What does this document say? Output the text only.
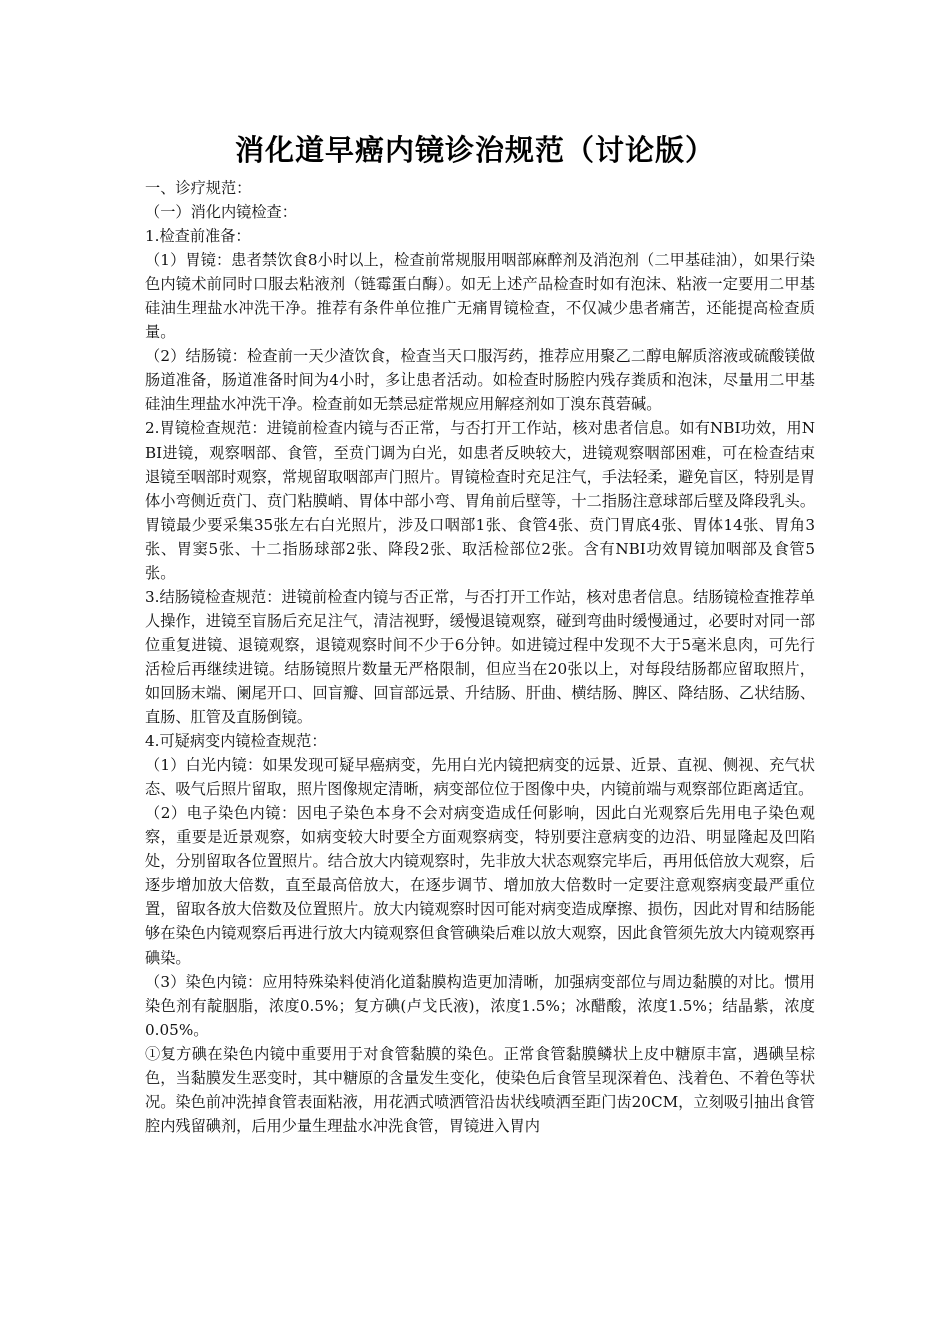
消化道早癌内镜诊治规范（讨论版）

一、诊疗规范：

（一）消化内镜检查：

1.检查前准备：

（1）胃镜：患者禁饮食8小时以上，检查前常规服用咽部麻醉剂及消泡剂（二甲基硅油），如果行染色内镜术前同时口服去粘液剂（链霉蛋白酶）。如无上述产品检查时如有泡沫、粘液一定要用二甲基硅油生理盐水冲洗干净。推荐有条件单位推广无痛胃镜检查，不仅减少患者痛苦，还能提高检查质量。

（2）结肠镜：检查前一天少渣饮食，检查当天口服泻药，推荐应用聚乙二醇电解质溶液或硫酸镁做肠道准备，肠道准备时间为4小时，多让患者活动。如检查时肠腔内残存粪质和泡沫，尽量用二甲基硅油生理盐水冲洗干净。检查前如无禁忌症常规应用解痉剂如丁溴东莨菪碱。

2.胃镜检查规范：进镜前检查内镜与否正常，与否打开工作站，核对患者信息。如有NBI功效，用NBI进镜，观察咽部、食管，至贲门调为白光，如患者反映较大，进镜观察咽部困难，可在检查结束退镜至咽部时观察，常规留取咽部声门照片。胃镜检查时充足注气，手法轻柔，避免盲区，特别是胃体小弯侧近贲门、贲门粘膜峭、胃体中部小弯、胃角前后壁等，十二指肠注意球部后壁及降段乳头。胃镜最少要采集35张左右白光照片，涉及口咽部1张、食管4张、贲门胃底4张、胃体14张、胃角3张、胃窦5张、十二指肠球部2张、降段2张、取活检部位2张。含有NBI功效胃镜加咽部及食管5张。

3.结肠镜检查规范：进镜前检查内镜与否正常，与否打开工作站，核对患者信息。结肠镜检查推荐单人操作，进镜至盲肠后充足注气，清洁视野，缓慢退镜观察，碰到弯曲时缓慢通过，必要时对同一部位重复进镜、退镜观察，退镜观察时间不少于6分钟。如进镜过程中发现不大于5毫米息肉，可先行活检后再继续进镜。结肠镜照片数量无严格限制，但应当在20张以上，对每段结肠都应留取照片，如回肠末端、阑尾开口、回盲瓣、回盲部远景、升结肠、肝曲、横结肠、脾区、降结肠、乙状结肠、直肠、肛管及直肠倒镜。

4.可疑病变内镜检查规范：

（1）白光内镜：如果发现可疑早癌病变，先用白光内镜把病变的远景、近景、直视、侧视、充气状态、吸气后照片留取，照片图像规定清晰，病变部位位于图像中央，内镜前端与观察部位距离适宜。

（2）电子染色内镜：因电子染色本身不会对病变造成任何影响，因此白光观察后先用电子染色观察，重要是近景观察，如病变较大时要全方面观察病变，特别要注意病变的边沿、明显隆起及凹陷处，分别留取各位置照片。结合放大内镜观察时，先非放大状态观察完毕后，再用低倍放大观察，后逐步增加放大倍数，直至最高倍放大，在逐步调节、增加放大倍数时一定要注意观察病变最严重位置，留取各放大倍数及位置照片。放大内镜观察时因可能对病变造成摩擦、损伤，因此对胃和结肠能够在染色内镜观察后再进行放大内镜观察但食管碘染后难以放大观察，因此食管须先放大内镜观察再碘染。

（3）染色内镜：应用特殊染料使消化道黏膜构造更加清晰，加强病变部位与周边黏膜的对比。惯用染色剂有靛胭脂，浓度0.5%；复方碘(卢戈氏液)，浓度1.5%；冰醋酸，浓度1.5%；结晶紫，浓度0.05%。

①复方碘在染色内镜中重要用于对食管黏膜的染色。正常食管黏膜鳞状上皮中糖原丰富，遇碘呈棕色，当黏膜发生恶变时，其中糖原的含量发生变化，使染色后食管呈现深着色、浅着色、不着色等状况。染色前冲洗掉食管表面粘液，用花洒式喷洒管沿齿状线喷洒至距门齿20CM，立刻吸引抽出食管腔内残留碘剂，后用少量生理盐水冲洗食管，胃镜进入胃内
